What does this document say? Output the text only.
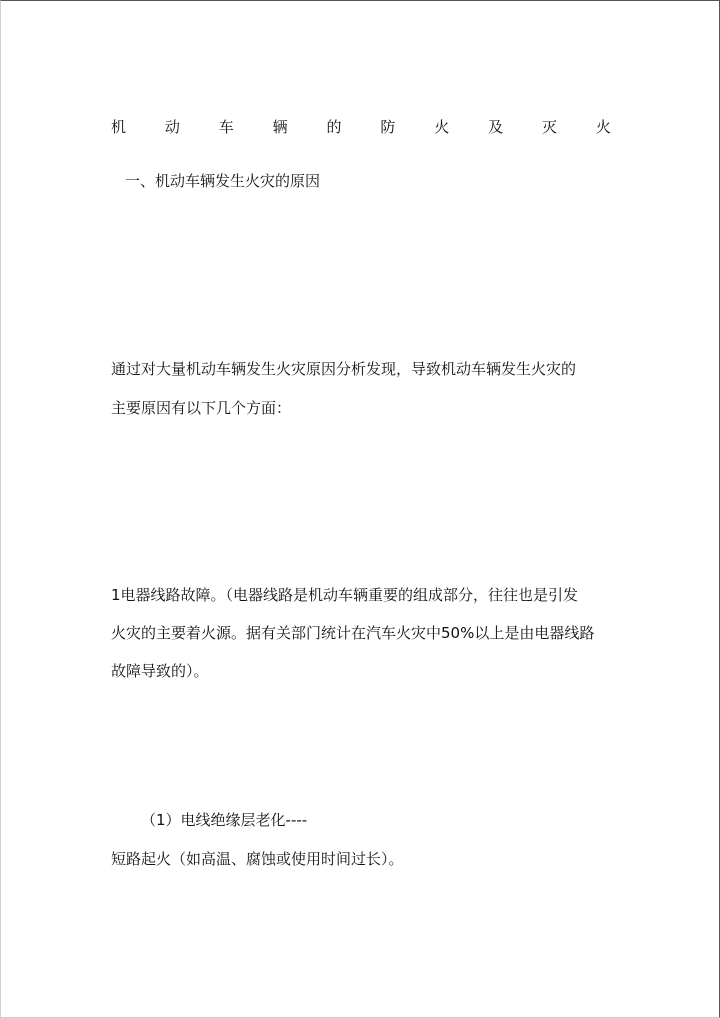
机	动	车	辆	的	防	火	及	灭	火
一、机动车辆发生火灾的原因
通过对大量机动车辆发生火灾原因分析发现，导致机动车辆发生火灾的
主要原因有以下几个方面：
1电器线路故障。（电器线路是机动车辆重要的组成部分，往往也是引发
火灾的主要着火源。据有关部门统计在汽车火灾中50%以上是由电器线路
故障导致的）。
（1）电线绝缘层老化----
短路起火（如高温、腐蚀或使用时间过长）。
